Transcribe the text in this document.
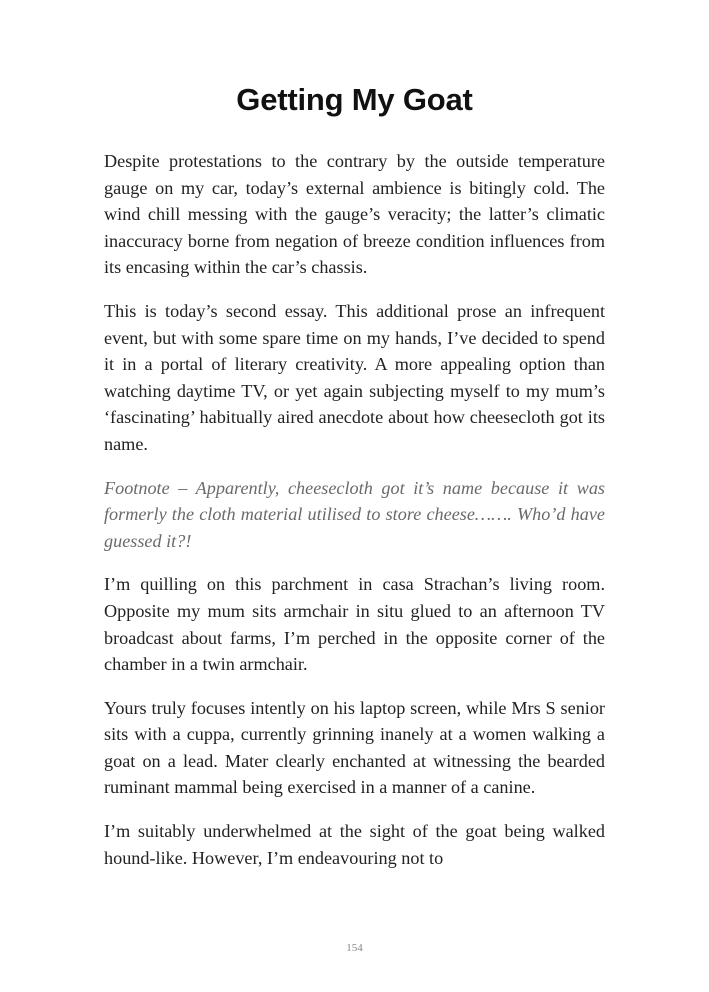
Getting My Goat

Despite protestations to the contrary by the outside temperature gauge on my car, today’s external ambience is bitingly cold. The wind chill messing with the gauge’s veracity; the latter’s climatic inaccuracy borne from negation of breeze condition influences from its encasing within the car’s chassis.

This is today’s second essay. This additional prose an infrequent event, but with some spare time on my hands, I’ve decided to spend it in a portal of literary creativity. A more appealing option than watching daytime TV, or yet again subjecting myself to my mum’s ‘fascinating’ habitually aired anecdote about how cheesecloth got its name.

Footnote – Apparently, cheesecloth got it’s name because it was formerly the cloth material utilised to store cheese……. Who’d have guessed it?!

I’m quilling on this parchment in casa Strachan’s living room. Opposite my mum sits armchair in situ glued to an afternoon TV broadcast about farms, I’m perched in the opposite corner of the chamber in a twin armchair.

Yours truly focuses intently on his laptop screen, while Mrs S senior sits with a cuppa, currently grinning inanely at a women walking a goat on a lead. Mater clearly enchanted at witnessing the bearded ruminant mammal being exercised in a manner of a canine.

I’m suitably underwhelmed at the sight of the goat being walked hound-like. However, I’m endeavouring not to

154
